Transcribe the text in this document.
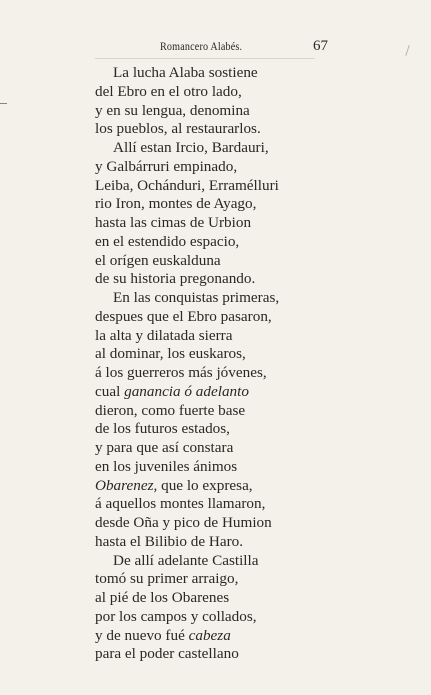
Romancero Alabés.	67
La lucha Alaba sostiene
del Ebro en el otro lado,
y en su lengua, denomina
los pueblos, al restaurarlos.
Allí estan Ircio, Bardauri,
y Galbárruri empinado,
Leiba, Ochánduri, Erramélluri
rio Iron, montes de Ayago,
hasta las cimas de Urbion
en el estendido espacio,
el orígen euskalduna
de su historia pregonando.
En las conquistas primeras,
despues que el Ebro pasaron,
la alta y dilatada sierra
al dominar, los euskaros,
á los guerreros más jóvenes,
cual ganancia ó adelanto
dieron, como fuerte base
de los futuros estados,
y para que así constara
en los juveniles ánimos
Obarenez, que lo expresa,
á aquellos montes llamaron,
desde Oña y pico de Humion
hasta el Bilibio de Haro.
De allí adelante Castilla
tomó su primer arraigo,
al pié de los Obarenes
por los campos y collados,
y de nuevo fué cabeza
para el poder castellano
